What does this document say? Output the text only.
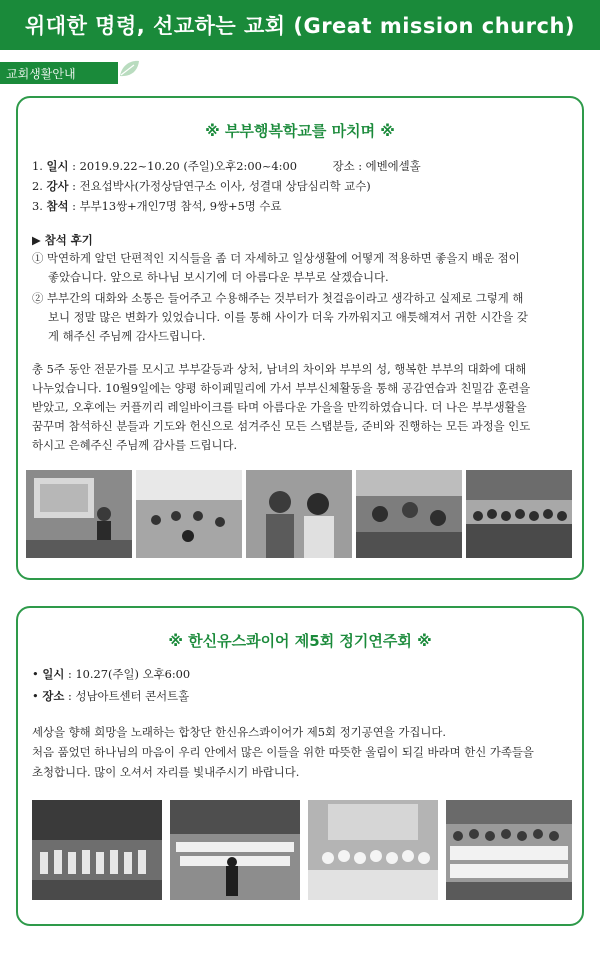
위대한 명령, 선교하는 교회 (Great mission church)
교회생활안내
※ 부부행복학교를 마치며 ※
1. 일시 : 2019.9.22~10.20 (주일)오후2:00~4:00	장소 : 에벤에셀홀
2. 강사 : 전요섭박사(가정상담연구소 이사, 성결대 상담심리학 교수)
3. 참석 : 부부13쌍+개인7명 참석, 9쌍+5명 수료
▶ 참석 후기
① 막연하게 알던 단편적인 지식들을 좀 더 자세하고 일상생활에 어떻게 적용하면 좋을지 배운 점이
좋았습니다. 앞으로 하나님 보시기에 더 아름다운 부부로 살겠습니다.
② 부부간의 대화와 소통은 들어주고 수용해주는 것부터가 첫걸음이라고 생각하고 실제로 그렇게 해
보니 정말 많은 변화가 있었습니다. 이를 통해 사이가 더욱 가까워지고 애틋해져서 귀한 시간을 갖
게 해주신 주님께 감사드립니다.
총 5주 동안 전문가를 모시고 부부갈등과 상처, 남녀의 차이와 부부의 성, 행복한 부부의 대화에 대해
나누었습니다. 10월9일에는 양평 하이페밀리에 가서 부부신체활동을 통해 공감연습과 친밀감 훈련을
받았고, 오후에는 커플끼리 레일바이크를 타며 아름다운 가을을 만끽하였습니다. 더 나은 부부생활을
꿈꾸며 참석하신 분들과 기도와 헌신으로 섬겨주신 모든 스탭분들, 준비와 진행하는 모든 과정을 인도
하시고 은혜주신 주님께 감사를 드립니다.
※ 한신유스콰이어 제5회 정기연주회 ※
• 일시 : 10.27(주일) 오후6:00
• 장소 : 성남아트센터 콘서트홀
세상을 향해 희망을 노래하는 합창단 한신유스콰이어가 제5회 정기공연을 가집니다.
처음 품었던 하나님의 마음이 우리 안에서 많은 이들을 위한 따뜻한 울림이 되길 바라며 한신 가족들을
초청합니다. 많이 오셔서 자리를 빛내주시기 바랍니다.
